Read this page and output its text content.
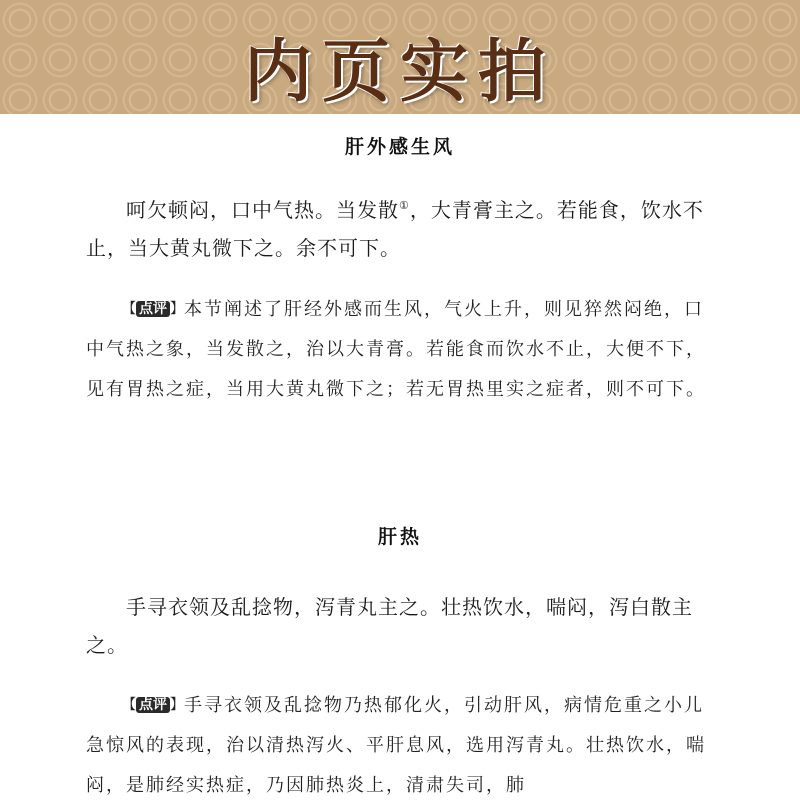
内页实拍
肝外感生风
呵欠顿闷，口中气热。当发散①，大青膏主之。若能食，饮水不止，当大黄丸微下之。余不可下。
【 点评 】本节阐述了肝经外感而生风，气火上升，则见猝然闷绝，口中气热之象，当发散之，治以大青膏。若能食而饮水不止，大便不下，见有胃热之症，当用大黄丸微下之；若无胃热里实之症者，则不可下。
肝热
手寻衣领及乱捻物，泻青丸主之。壮热饮水，喘闷，泻白散主之。
【 点评 】手寻衣领及乱捻物乃热郁化火，引动肝风，病情危重之小儿急惊风的表现，治以清热泻火、平肝息风，选用泻青丸。壮热饮水，喘闷，是肺经实热症，乃因肺热炎上，清肃失司，肺
